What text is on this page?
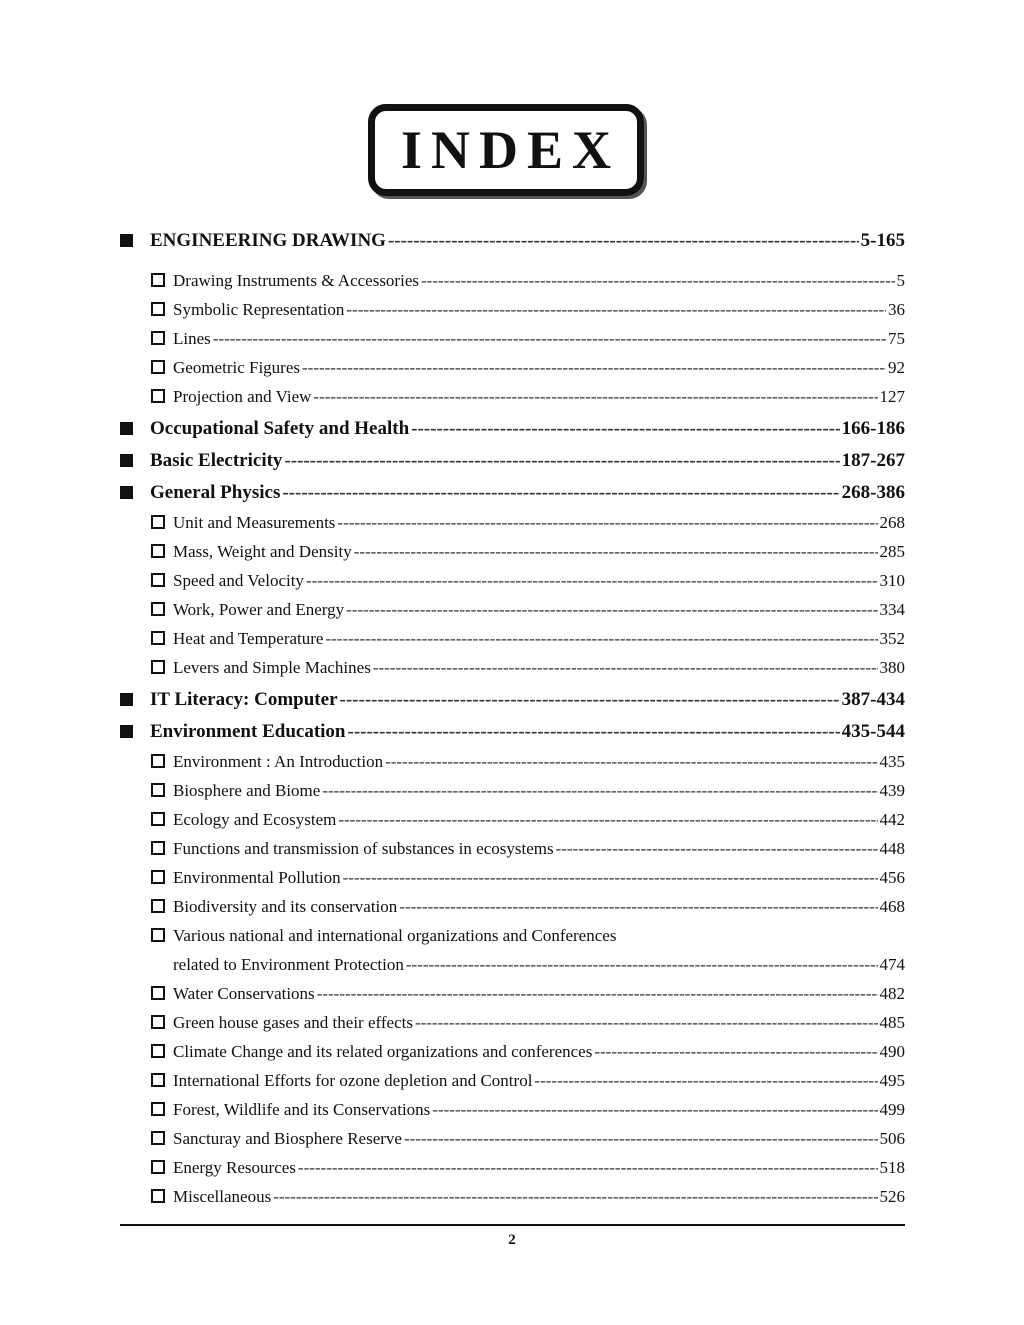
INDEX
ENGINEERING DRAWING -----	5-165
Drawing Instruments & Accessories -----	5
Symbolic Representation -----	36
Lines -----	75
Geometric Figures -----	92
Projection and View -----	127
Occupational Safety and Health -----	166-186
Basic Electricity -----	187-267
General Physics -----	268-386
Unit and Measurements -----	268
Mass, Weight and Density -----	285
Speed and Velocity -----	310
Work, Power and Energy -----	334
Heat and Temperature -----	352
Levers and Simple Machines -----	380
IT Literacy: Computer -----	387-434
Environment Education -----	435-544
Environment : An Introduction -----	435
Biosphere and Biome -----	439
Ecology and Ecosystem -----	442
Functions and transmission of substances in ecosystems -----	448
Environmental Pollution -----	456
Biodiversity and its conservation -----	468
Various national and international organizations and Conferences
related to Environment Protection -----	474
Water Conservations -----	482
Green house gases and their effects -----	485
Climate Change and its related organizations and conferences -----	490
International Efforts for ozone depletion and Control -----	495
Forest, Wildlife and its Conservations -----	499
Sancturay and Biosphere Reserve -----	506
Energy Resources -----	518
Miscellaneous -----	526
2
